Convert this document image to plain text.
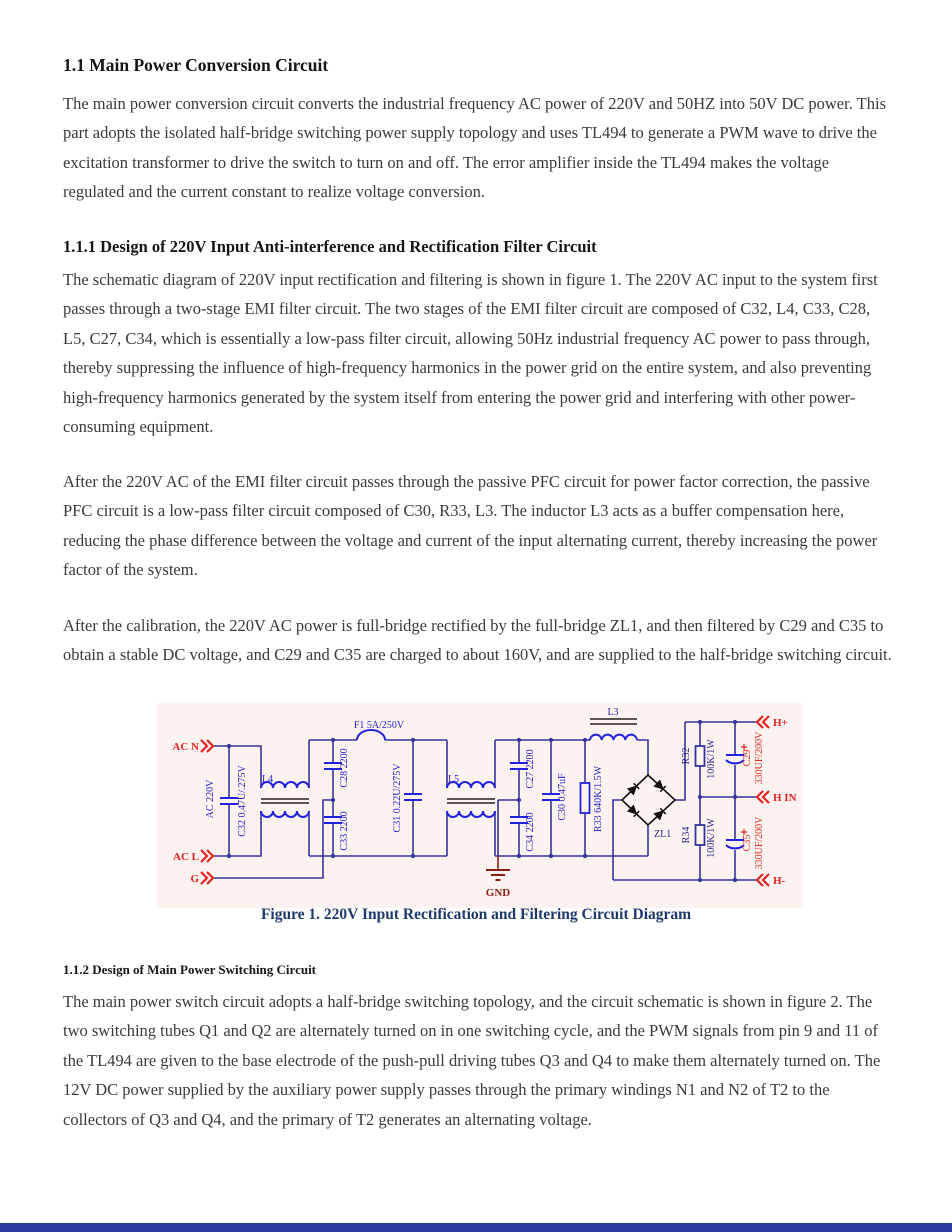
1.1 Main Power Conversion Circuit
The main power conversion circuit converts the industrial frequency AC power of 220V and 50HZ into 50V DC power. This part adopts the isolated half-bridge switching power supply topology and uses TL494 to generate a PWM wave to drive the excitation transformer to drive the switch to turn on and off. The error amplifier inside the TL494 makes the voltage regulated and the current constant to realize voltage conversion.
1.1.1 Design of 220V Input Anti-interference and Rectification Filter Circuit
The schematic diagram of 220V input rectification and filtering is shown in figure 1. The 220V AC input to the system first passes through a two-stage EMI filter circuit. The two stages of the EMI filter circuit are composed of C32, L4, C33, C28, L5, C27, C34, which is essentially a low-pass filter circuit, allowing 50Hz industrial frequency AC power to pass through, thereby suppressing the influence of high-frequency harmonics in the power grid on the entire system, and also preventing high-frequency harmonics generated by the system itself from entering the power grid and interfering with other power-consuming equipment.
After the 220V AC of the EMI filter circuit passes through the passive PFC circuit for power factor correction, the passive PFC circuit is a low-pass filter circuit composed of C30, R33, L3. The inductor L3 acts as a buffer compensation here, reducing the phase difference between the voltage and current of the input alternating current, thereby increasing the power factor of the system.
After the calibration, the 220V AC power is full-bridge rectified by the full-bridge ZL1, and then filtered by C29 and C35 to obtain a stable DC voltage, and C29 and C35 are charged to about 160V, and are supplied to the half-bridge switching circuit.
AC N
AC L
G
H+
H IN
H-
GND
F1 5A/250V
L4	L5
L3
ZL1
AC 220V C32 0.47U/.275V	C28 2200
C33 2200	C31 0.22U/275V	C27 2200
C34 2200
C30 0.47uF	R33 640K/1.5W
R32 100K/1W
R34 100K/1W
C29 330UF/200V
C35 330UF/200V
Figure 1. 220V Input Rectification and Filtering Circuit Diagram
1.1.2 Design of Main Power Switching Circuit
The main power switch circuit adopts a half-bridge switching topology, and the circuit schematic is shown in figure 2. The two switching tubes Q1 and Q2 are alternately turned on in one switching cycle, and the PWM signals from pin 9 and 11 of the TL494 are given to the base electrode of the push-pull driving tubes Q3 and Q4 to make them alternately turned on. The 12V DC power supplied by the auxiliary power supply passes through the primary windings N1 and N2 of T2 to the collectors of Q3 and Q4, and the primary of T2 generates an alternating voltage.
